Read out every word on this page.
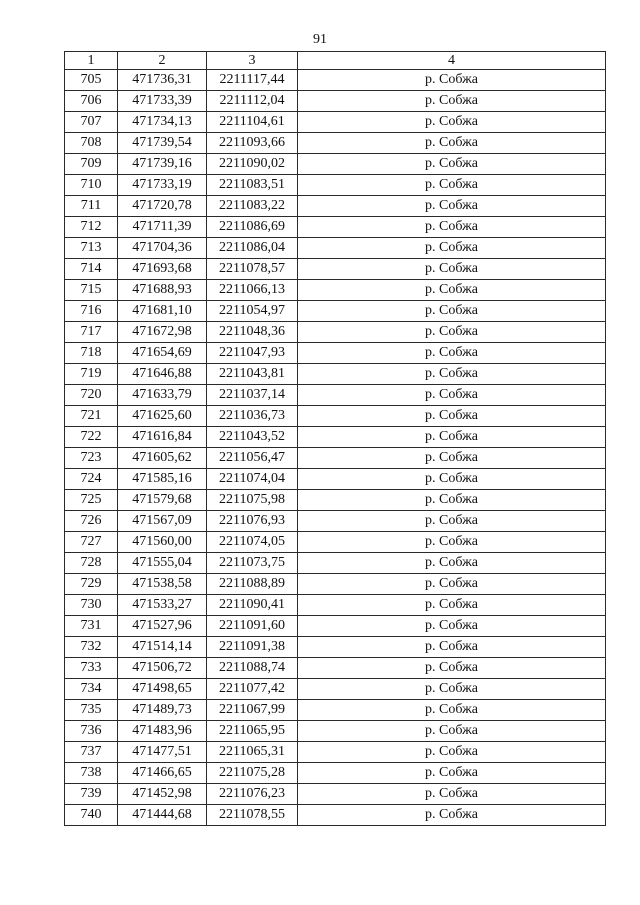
91
1	2	3	4
705	471736,31	2211117,44	р. Собжа
706	471733,39	2211112,04	р. Собжа
707	471734,13	2211104,61	р. Собжа
708	471739,54	2211093,66	р. Собжа
709	471739,16	2211090,02	р. Собжа
710	471733,19	2211083,51	р. Собжа
711	471720,78	2211083,22	р. Собжа
712	471711,39	2211086,69	р. Собжа
713	471704,36	2211086,04	р. Собжа
714	471693,68	2211078,57	р. Собжа
715	471688,93	2211066,13	р. Собжа
716	471681,10	2211054,97	р. Собжа
717	471672,98	2211048,36	р. Собжа
718	471654,69	2211047,93	р. Собжа
719	471646,88	2211043,81	р. Собжа
720	471633,79	2211037,14	р. Собжа
721	471625,60	2211036,73	р. Собжа
722	471616,84	2211043,52	р. Собжа
723	471605,62	2211056,47	р. Собжа
724	471585,16	2211074,04	р. Собжа
725	471579,68	2211075,98	р. Собжа
726	471567,09	2211076,93	р. Собжа
727	471560,00	2211074,05	р. Собжа
728	471555,04	2211073,75	р. Собжа
729	471538,58	2211088,89	р. Собжа
730	471533,27	2211090,41	р. Собжа
731	471527,96	2211091,60	р. Собжа
732	471514,14	2211091,38	р. Собжа
733	471506,72	2211088,74	р. Собжа
734	471498,65	2211077,42	р. Собжа
735	471489,73	2211067,99	р. Собжа
736	471483,96	2211065,95	р. Собжа
737	471477,51	2211065,31	р. Собжа
738	471466,65	2211075,28	р. Собжа
739	471452,98	2211076,23	р. Собжа
740	471444,68	2211078,55	р. Собжа
